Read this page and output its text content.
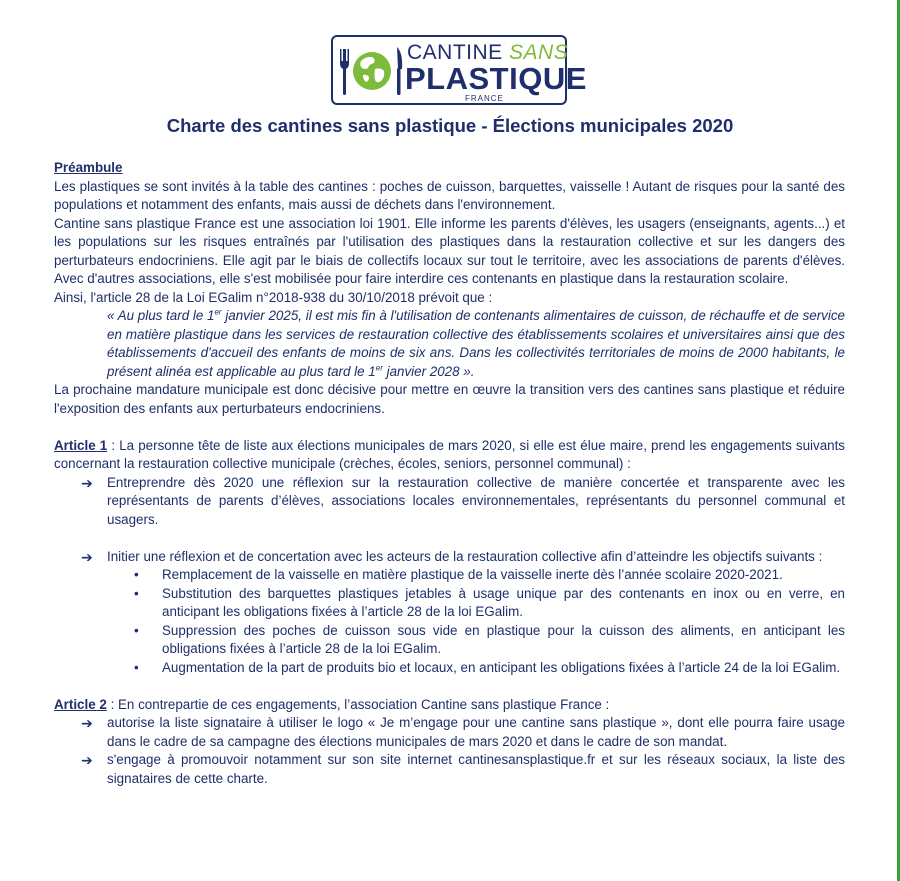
CANTINE SANS
PLASTIQUE
FRANCE
Charte des cantines sans plastique - Élections municipales 2020

Préambule

Les plastiques se sont invités à la table des cantines : poches de cuisson, barquettes, vaisselle ! Autant de risques pour la santé des populations et notamment des enfants, mais aussi de déchets dans l'environnement.

Cantine sans plastique France est une association loi 1901. Elle informe les parents d'élèves, les usagers (enseignants, agents...) et les populations sur les risques entraînés par l'utilisation des plastiques dans la restauration collective et sur les dangers des perturbateurs endocriniens. Elle agit par le biais de collectifs locaux sur tout le territoire, avec les associations de parents d'élèves. Avec d'autres associations, elle s'est mobilisée pour faire interdire ces contenants en plastique dans la restauration scolaire.

Ainsi, l'article 28 de la Loi EGalim n°2018-938 du 30/10/2018 prévoit que :

« Au plus tard le 1er janvier 2025, il est mis fin à l'utilisation de contenants alimentaires de cuisson, de réchauffe et de service en matière plastique dans les services de restauration collective des établissements scolaires et universitaires ainsi que des établissements d'accueil des enfants de moins de six ans. Dans les collectivités territoriales de moins de 2000 habitants, le présent alinéa est applicable au plus tard le 1er janvier 2028 ».

La prochaine mandature municipale est donc décisive pour mettre en œuvre la transition vers des cantines sans plastique et réduire l'exposition des enfants aux perturbateurs endocriniens.

Article 1 : La personne tête de liste aux élections municipales de mars 2020, si elle est élue maire, prend les engagements suivants concernant la restauration collective municipale (crèches, écoles, seniors, personnel communal) :

➔ Entreprendre dès 2020 une réflexion sur la restauration collective de manière concertée et transparente avec les représentants de parents d’élèves, associations locales environnementales, représentants du personnel communal et usagers.
➔ Initier une réflexion et de concertation avec les acteurs de la restauration collective afin d’atteindre les objectifs suivants :
• Remplacement de la vaisselle en matière plastique de la vaisselle inerte dès l’année scolaire 2020-2021.
• Substitution des barquettes plastiques jetables à usage unique par des contenants en inox ou en verre, en anticipant les obligations fixées à l’article 28 de la loi EGalim.
• Suppression des poches de cuisson sous vide en plastique pour la cuisson des aliments, en anticipant les obligations fixées à l’article 28 de la loi EGalim.
• Augmentation de la part de produits bio et locaux, en anticipant les obligations fixées à l’article 24 de la loi EGalim.

Article 2 : En contrepartie de ces engagements, l’association Cantine sans plastique France :

➔ autorise la liste signataire à utiliser le logo « Je m’engage pour une cantine sans plastique », dont elle pourra faire usage dans le cadre de sa campagne des élections municipales de mars 2020 et dans le cadre de son mandat.
➔ s'engage à promouvoir notamment sur son site internet cantinesansplastique.fr et sur les réseaux sociaux, la liste des signataires de cette charte.
